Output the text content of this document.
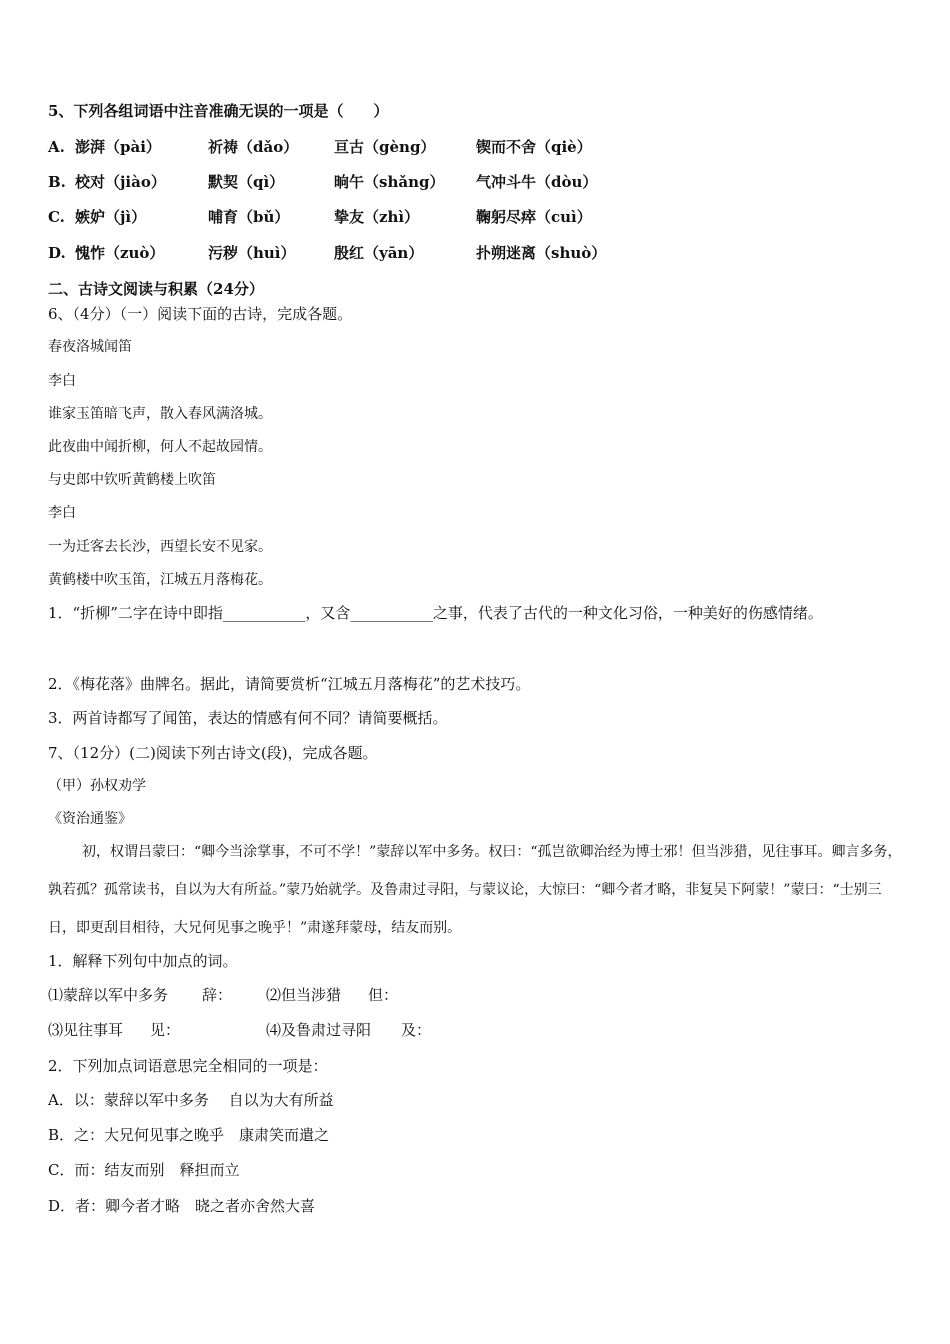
5、下列各组词语中注音准确无误的一项是（　　）
A. 澎湃（pài）	祈祷（dǎo） 亘古（gèng）	锲而不舍（qiè）
B. 校对（jiào）	默契（qì）	晌午（shǎng） 气冲斗牛（dòu）
C. 嫉妒（jì）	哺育（bǔ）	挚友（zhì）	鞠躬尽瘁（cuì）
D. 愧怍（zuò）	污秽（huì）	殷红（yān）	扑朔迷离（shuò）
二、古诗文阅读与积累（24分）
6、（4分）（一）阅读下面的古诗，完成各题。
春夜洛城闻笛
李白
谁家玉笛暗飞声，散入春风满洛城。
此夜曲中闻折柳，何人不起故园情。
与史郎中钦听黄鹤楼上吹笛
李白
一为迁客去长沙，西望长安不见家。
黄鹤楼中吹玉笛，江城五月落梅花。
1．“折柳”二字在诗中即指___________，又含___________之事，代表了古代的一种文化习俗，一种美好的伤感情绪。
2．《梅花落》曲牌名。据此，请简要赏析“江城五月落梅花”的艺术技巧。
3．两首诗都写了闻笛，表达的情感有何不同？请简要概括。
7、（12分）(二)阅读下列古诗文(段)，完成各题。
（甲）孙权劝学
《资治通鉴》
初，权谓吕蒙曰：“卿今当涂掌事，不可不学！”蒙辞以军中多务。权曰：“孤岂欲卿治经为博士邪！但当涉猎，见往事耳。卿言多务，孰若孤？孤常读书，自以为大有所益。”蒙乃始就学。及鲁肃过寻阳，与蒙议论，大惊曰：“卿今者才略，非复吴下阿蒙！”蒙曰：“士别三日，即更刮目相待，大兄何见事之晚乎！”肃遂拜蒙母，结友而别。
1．解释下列句中加点的词。
⑴蒙辞以军中多务 辞： ⑵但当涉猎 但：
⑶见往事耳 见：	⑷及鲁肃过寻阳 及：
2．下列加点词语意思完全相同的一项是：
A．以：蒙辞以军中多务　 自以为大有所益
B．之：大兄何见事之晚乎　康肃笑而遣之
C．而：结友而别　释担而立
D．者：卿今者才略　晓之者亦舍然大喜
